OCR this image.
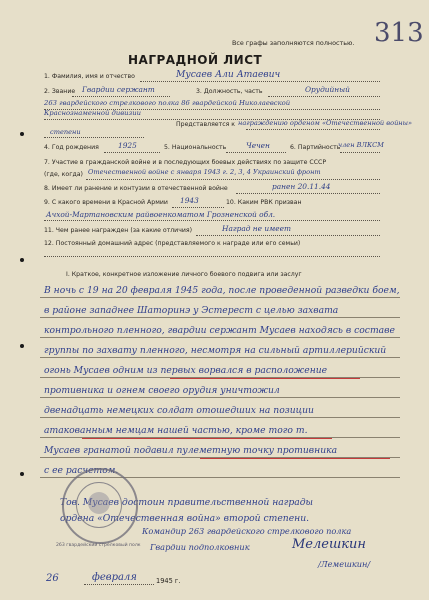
Все графы заполняются полностью. 313
НАГРАДНОЙ ЛИСТ
1. Фамилия, имя и отчество	Мусаев Али Атаевич
2. Звание Гвардии сержант	3. Должность, часть	Орудийный
263 гвардейского стрелкового полка 86 гвардейской Николаевской
Краснознаменной дивизии
Представляется к награждению орденом «Отечественной войны»
степени
4. Год рождения	1925	5. Национальность	Чечен	6. Партийность
член ВЛКСМ
7. Участие в гражданской войне и в последующих боевых действиях по защите СССР
(где, когда) Отечественной войне с января 1943 г. 2, 3, 4 Украинский фронт
8. Имеет ли ранение и контузии в отечественной войне	ранен 20.11.44
9. С какого времени в Красной Армии 1943	10. Каким РВК призван
Ачхой-Мартановским райвоенкоматом Грозненской обл.
11. Чем ранее награжден (за какие отличия)	Наград не имеет
12. Постоянный домашний адрес (представляемого к награде или его семьи)
I. Краткое, конкретное изложение личного боевого подвига или заслуг
В ночь с 19 на 20 февраля 1945 года, после проведенной разведки боем,
в районе западнее Шаторинэ у Эстерест с целью захвата
контрольного пленного, гвардии сержант Мусаев находясь в составе
группы по захвату пленного, несмотря на сильный артиллерийский
огонь Мусаев одним из первых ворвался в расположение
противника и огнем своего орудия уничтожил
двенадцать немецких солдат отошедших на позиции
атакованным немцам нашей частью, кроме того т.
Мусаев гранатой подавил пулеметную точку противника
с ее расчетом.
Тов. Мусаев достоин правительственной награды
ордена «Отечественная война» второй степени.
263 гвардейский стрелковый полк
Командир 263 гвардейского стрелкового полка
Гвардии подполковник	Мелешкин
/Лемешкин/
26	февраля	1945 г.
